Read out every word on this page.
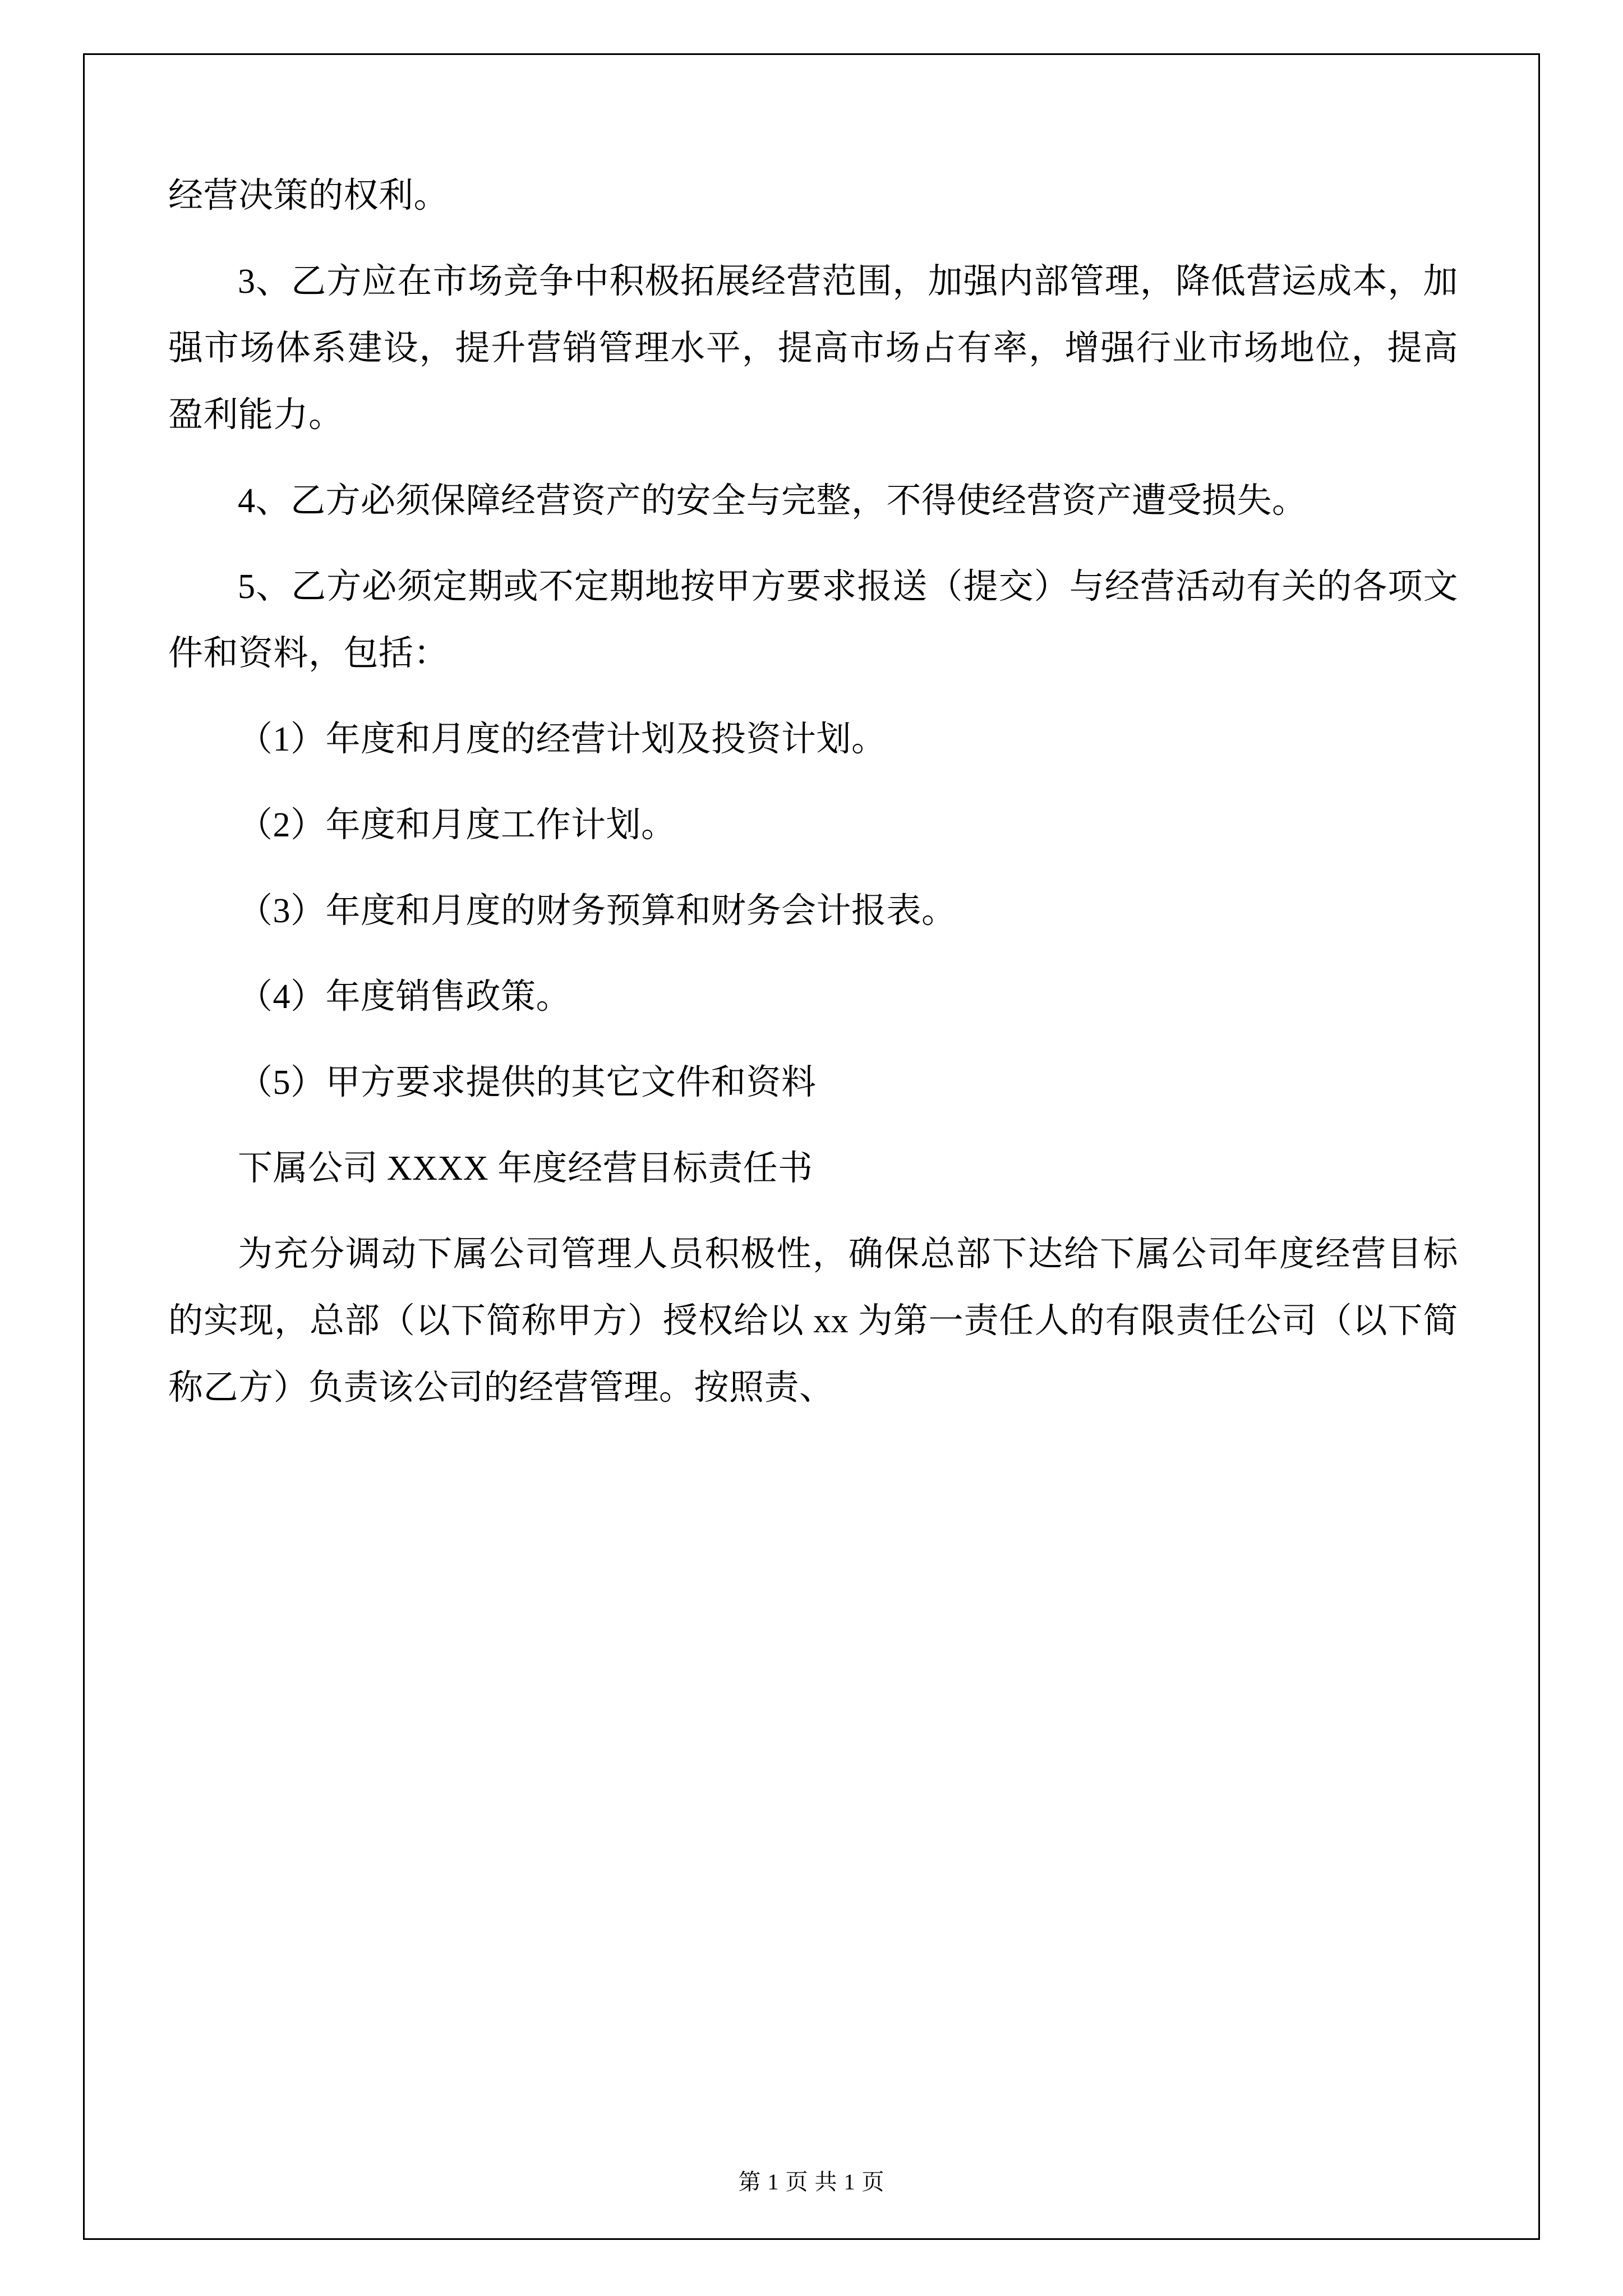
经营决策的权利。

3、乙方应在市场竞争中积极拓展经营范围，加强内部管理，降低营运成本，加强市场体系建设，提升营销管理水平，提高市场占有率，增强行业市场地位，提高盈利能力。

4、乙方必须保障经营资产的安全与完整，不得使经营资产遭受损失。

5、乙方必须定期或不定期地按甲方要求报送（提交）与经营活动有关的各项文件和资料，包括：

（1）年度和月度的经营计划及投资计划。

（2）年度和月度工作计划。

（3）年度和月度的财务预算和财务会计报表。

（4）年度销售政策。

（5）甲方要求提供的其它文件和资料

下属公司 XXXX 年度经营目标责任书

为充分调动下属公司管理人员积极性，确保总部下达给下属公司年度经营目标的实现，总部（以下简称甲方）授权给以 xx 为第一责任人的有限责任公司（以下简称乙方）负责该公司的经营管理。按照责、

第 1 页 共 1 页
